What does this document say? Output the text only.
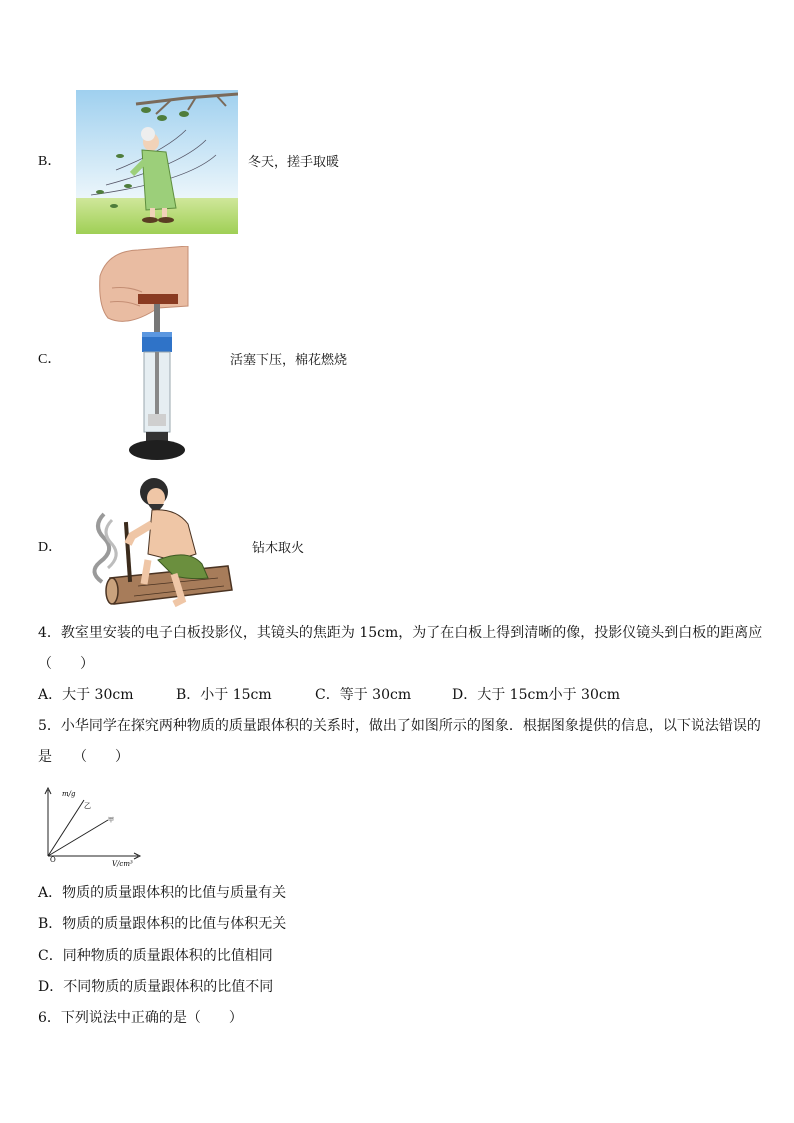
B．	冬天，搓手取暖
C．	活塞下压，棉花燃烧
D．	钻木取火
4．教室里安装的电子白板投影仪，其镜头的焦距为 15cm，为了在白板上得到清晰的像，投影仪镜头到白板的距离应
（　　）
A．大于 30cm	B．小于 15cm	C．等于 30cm	D．大于 15cm小于 30cm
5．小华同学在探究两种物质的质量跟体积的关系时，做出了如图所示的图象．根据图象提供的信息，以下说法错误的
是　　（　　）
m/g
乙
甲
O	V/cm³
A．物质的质量跟体积的比值与质量有关
B．物质的质量跟体积的比值与体积无关
C．同种物质的质量跟体积的比值相同
D．不同物质的质量跟体积的比值不同
6．下列说法中正确的是（　　）
